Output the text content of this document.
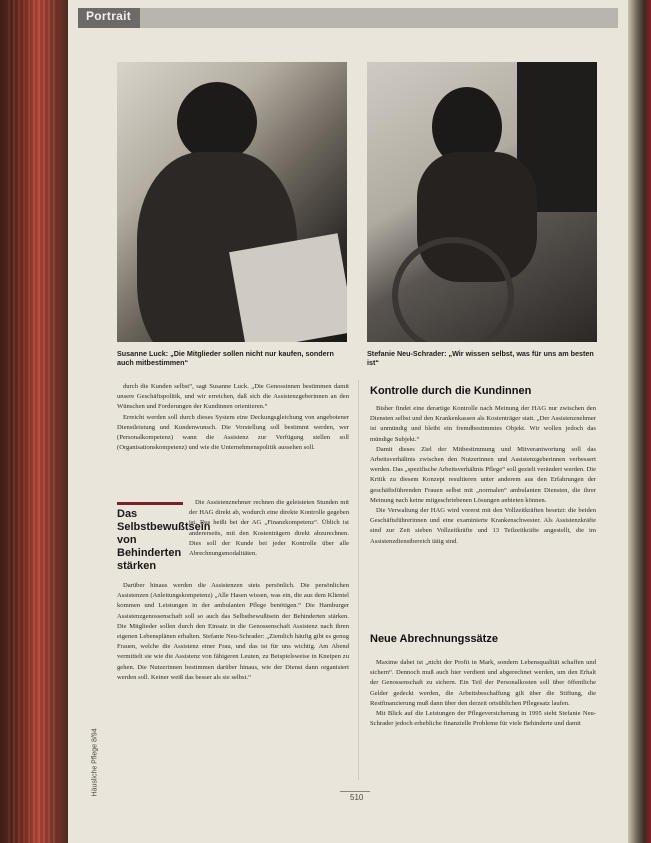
Portrait
Susanne Luck: „Die Mitglieder sollen nicht nur kaufen, sondern auch mitbestimmen“
Stefanie Neu-Schrader: „Wir wissen selbst, was für uns am besten ist“

durch die Kunden selbst“, sagt Susanne Luck. „Die Genossinnen bestimmen damit unsere Geschäftspolitik, und wir erreichen, daß sich die Assistenzgeberinnen an den Wünschen und Forderungen der Kundinnen orientieren.“

Erreicht werden soll durch dieses System eine Deckungsgleichung von angebotener Dienstleistung und Kundenwunsch. Die Vorstellung soll bestimmt werden, wer (Personalkompetenz) wann die Assistenz zur Verfügung stellen soll (Organisationskompetenz) und wie die Unternehmenspolitik aussehen soll.

Das Selbstbewußtsein von Behinderten stärken

Die Assistenznehmer rechnen die geleisteten Stunden mit der HAG direkt ab, wodurch eine direkte Kontrolle gegeben ist. Das heißt bei der AG „Finanzkompetenz“. Üblich ist andererseits, mit den Kostenträgern direkt abzurechnen. Dies soll der Kunde bei jeder Kontrolle über alle Abrechnungsmodalitäten.

Darüber hinaus werden die Assistenzen stets persönlich. Die persönlichen Assistenzen (Anleitungskompetenz) „Alle Hasen wissen, was ein, die aus dem Klientel kommen und Leistungen in der ambulanten Pflege benötigen.“ Die Hamburger Assistenzgenossenschaft soll so auch das Selbstbewußtsein der Behinderten stärken. Die Mitglieder sollen durch den Einsatz in die Genossenschaft Assistenz nach ihren eigenen Lebensplänen erhalten. Stefanie Neu-Schrader: „Ziemlich häufig gibt es genug Frauen, welche die Assistenz einer Frau, und das ist für uns wichtig. Am Abend vermittelt sie wie die Assistenz von fähigeren Leuten, zu Beispielsweise in Kneipen zu gehen. Die Nutzerinnen bestimmen darüber hinaus, wie der Dienst dann organisiert werden soll. Keiner weiß das besser als sie selbst.“

Kontrolle durch die Kundinnen

Bisher findet eine derartige Kontrolle nach Meinung der HAG nur zwischen den Diensten selbst und den Krankenkassen als Kostenträger statt. „Der Assistenznehmer ist unmündig und bleibt ein fremdbestimmtes Objekt. Wir wollen jedoch das mündige Subjekt.“

Damit dieses Ziel der Mitbestimmung und Mitverantwortung soll das Arbeitsverhältnis zwischen den Nutzerinnen und Assistenzgeberinnen verbessert werden. Das „spezifische Arbeitsverhältnis Pflege“ soll gezielt verändert werden. Die Kritik zu diesem Konzept resultieren unter anderem aus den Erfahrungen der geschäftsführenden Frauen selbst mit „normalen“ ambulanten Diensten, die ihrer Meinung nach keine mitgeschriebenen Lösungen anbieten können.

Die Verwaltung der HAG wird vorerst mit den Vollzeitkräften besetzt: die beiden Geschäftsführerinnen und eine examinierte Krankenschwester. Als Assistenzkräfte sind zur Zeit sieben Vollzeitkräfte und 13 Teilzeitkräfte angestellt, die im Assistenzdienstbereich tätig sind.

Neue Abrechnungssätze

Maxime dabei ist „nicht der Profit in Mark, sondern Lebensqualität schaffen und sichern“. Dennoch muß auch hier verdient und abgerechnet werden, um den Erhalt der Genossenschaft zu sichern. Ein Teil der Personalkosten soll über öffentliche Gelder gedeckt werden, die Arbeitsbeschaffung gilt über die Stiftung, die Restfinanzierung muß dann über den derzeit ortsüblichen Pflegesatz laufen.

Mit Blick auf die Leistungen der Pflegeversicherung in 1995 sieht Stefanie Neu-Schrader jedoch erhebliche finanzielle Probleme für viele Behinderte und damit

Häusliche Pflege 8/94
510
